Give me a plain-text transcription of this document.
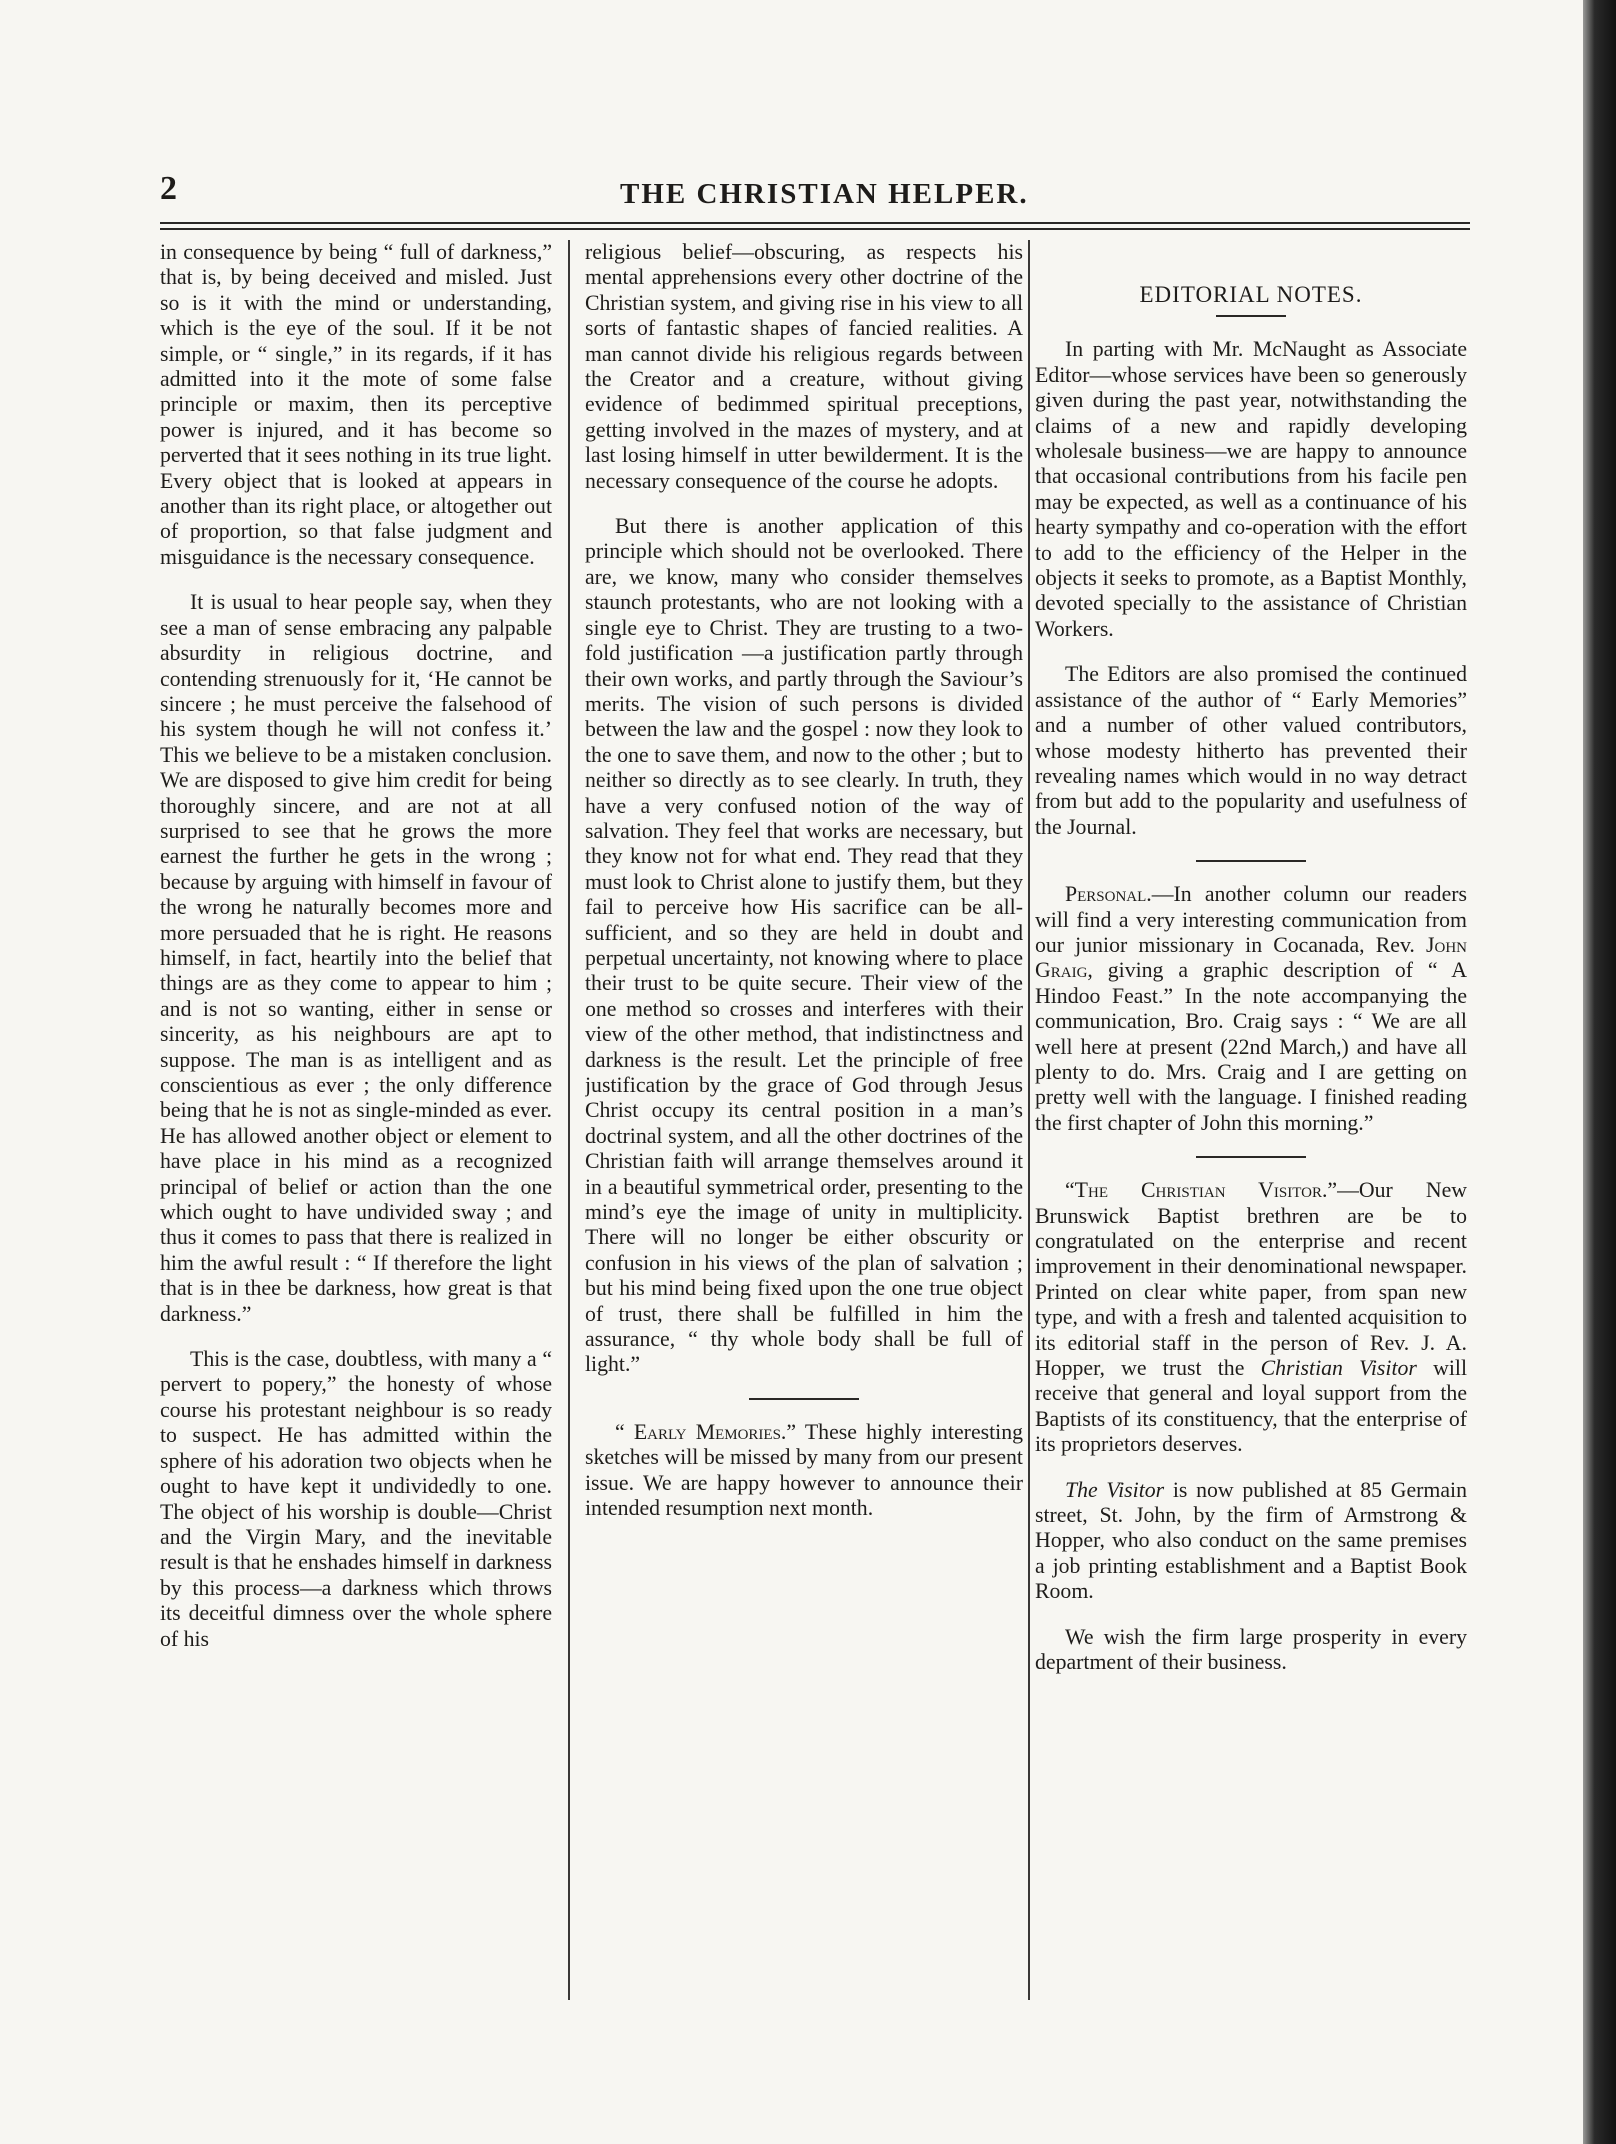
2	THE CHRISTIAN HELPER.

in consequence by being “ full of darkness,” that is, by being deceived and misled. Just so is it with the mind or understanding, which is the eye of the soul. If it be not simple, or “ single,” in its regards, if it has admitted into it the mote of some false principle or maxim, then its perceptive power is injured, and it has become so perverted that it sees nothing in its true light. Every object that is looked at appears in another than its right place, or altogether out of proportion, so that false judgment and misguidance is the necessary consequence.

It is usual to hear people say, when they see a man of sense embracing any palpable absurdity in religious doctrine, and contending strenuously for it, ‘He cannot be sincere ; he must perceive the falsehood of his system though he will not confess it.’ This we believe to be a mistaken conclusion. We are disposed to give him credit for being thoroughly sincere, and are not at all surprised to see that he grows the more earnest the further he gets in the wrong ; because by arguing with himself in favour of the wrong he naturally becomes more and more persuaded that he is right. He reasons himself, in fact, heartily into the belief that things are as they come to appear to him ; and is not so wanting, either in sense or sincerity, as his neighbours are apt to suppose. The man is as intelligent and as conscientious as ever ; the only difference being that he is not as single-minded as ever. He has allowed another object or element to have place in his mind as a recognized principal of belief or action than the one which ought to have undivided sway ; and thus it comes to pass that there is realized in him the awful result : “ If therefore the light that is in thee be darkness, how great is that darkness.”

This is the case, doubtless, with many a “ pervert to popery,” the honesty of whose course his protestant neighbour is so ready to suspect. He has admitted within the sphere of his adoration two objects when he ought to have kept it undividedly to one. The object of his worship is double—Christ and the Virgin Mary, and the inevitable result is that he enshades himself in darkness by this process—a darkness which throws its deceitful dimness over the whole sphere of his

religious belief—obscuring, as respects his mental apprehensions every other doctrine of the Christian system, and giving rise in his view to all sorts of fantastic shapes of fancied realities. A man cannot divide his religious regards between the Creator and a creature, without giving evidence of bedimmed spiritual preceptions, getting involved in the mazes of mystery, and at last losing himself in utter bewilderment. It is the necessary consequence of the course he adopts.

But there is another application of this principle which should not be overlooked. There are, we know, many who consider themselves staunch protestants, who are not looking with a single eye to Christ. They are trusting to a two-fold justification —a justification partly through their own works, and partly through the Saviour’s merits. The vision of such persons is divided between the law and the gospel : now they look to the one to save them, and now to the other ; but to neither so directly as to see clearly. In truth, they have a very confused notion of the way of salvation. They feel that works are necessary, but they know not for what end. They read that they must look to Christ alone to justify them, but they fail to perceive how His sacrifice can be all-sufficient, and so they are held in doubt and perpetual uncertainty, not knowing where to place their trust to be quite secure. Their view of the one method so crosses and interferes with their view of the other method, that indistinctness and darkness is the result. Let the principle of free justification by the grace of God through Jesus Christ occupy its central position in a man’s doctrinal system, and all the other doctrines of the Christian faith will arrange themselves around it in a beautiful symmetrical order, presenting to the mind’s eye the image of unity in multiplicity. There will no longer be either obscurity or confusion in his views of the plan of salvation ; but his mind being fixed upon the one true object of trust, there shall be fulfilled in him the assurance, “ thy whole body shall be full of light.”

“ Early Memories.” These highly interesting sketches will be missed by many from our present issue. We are happy however to announce their intended resumption next month.

EDITORIAL NOTES.

In parting with Mr. McNaught as Associate Editor—whose services have been so generously given during the past year, notwithstanding the claims of a new and rapidly developing wholesale business—we are happy to announce that occasional contributions from his facile pen may be expected, as well as a continuance of his hearty sympathy and co-operation with the effort to add to the efficiency of the Helper in the objects it seeks to promote, as a Baptist Monthly, devoted specially to the assistance of Christian Workers.

The Editors are also promised the continued assistance of the author of “ Early Memories” and a number of other valued contributors, whose modesty hitherto has prevented their revealing names which would in no way detract from but add to the popularity and usefulness of the Journal.

Personal.—In another column our readers will find a very interesting communication from our junior missionary in Cocanada, Rev. John Graig, giving a graphic description of “ A Hindoo Feast.” In the note accompanying the communication, Bro. Craig says : “ We are all well here at present (22nd March,) and have all plenty to do. Mrs. Craig and I are getting on pretty well with the language. I finished reading the first chapter of John this morning.”

“The Christian Visitor.”—Our New Brunswick Baptist brethren are be to congratulated on the enterprise and recent improvement in their denominational newspaper. Printed on clear white paper, from span new type, and with a fresh and talented acquisition to its editorial staff in the person of Rev. J. A. Hopper, we trust the Christian Visitor will receive that general and loyal support from the Baptists of its constituency, that the enterprise of its proprietors deserves.

The Visitor is now published at 85 Germain street, St. John, by the firm of Armstrong & Hopper, who also conduct on the same premises a job printing establishment and a Baptist Book Room.

We wish the firm large prosperity in every department of their business.
